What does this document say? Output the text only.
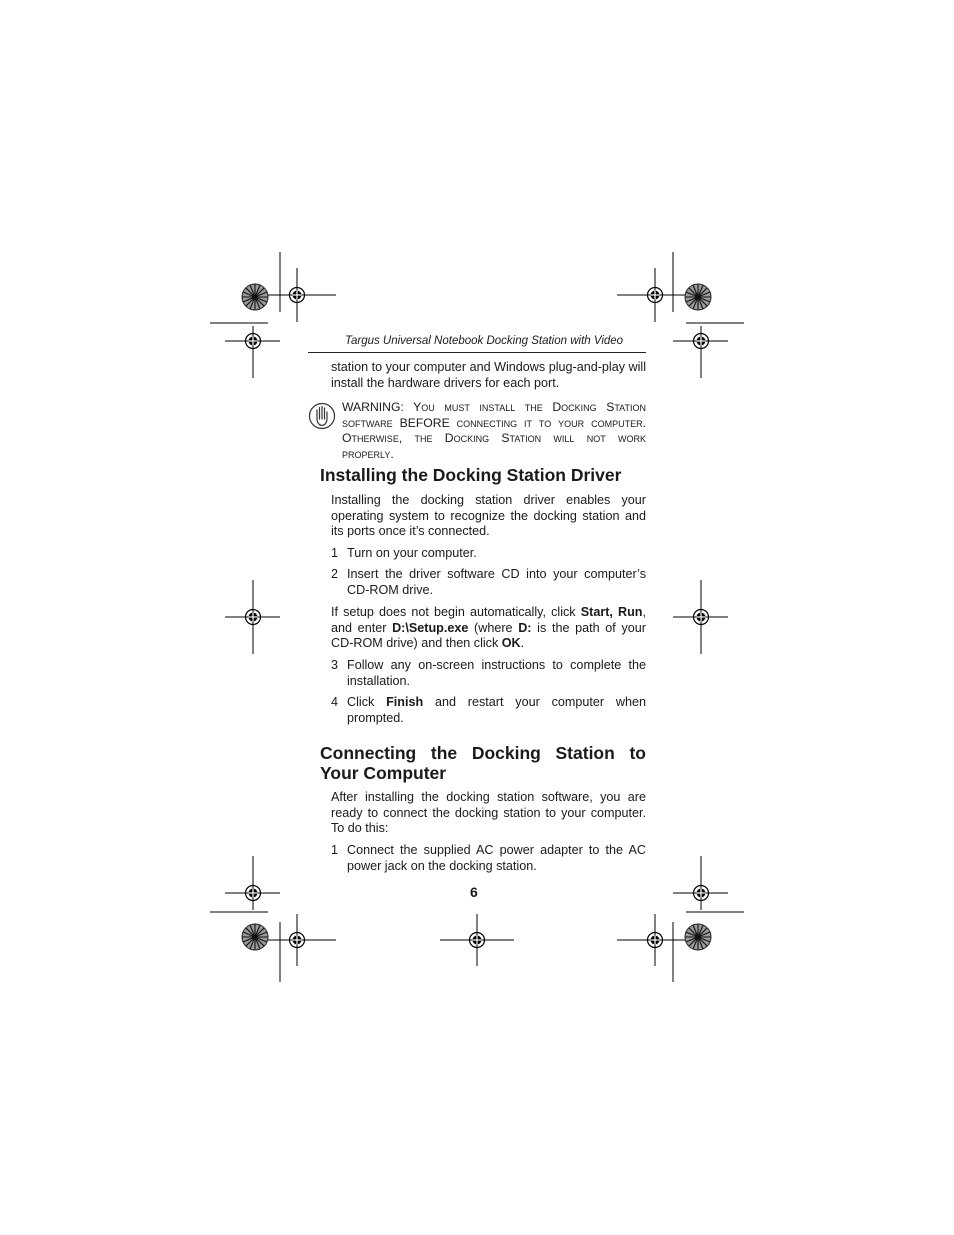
Targus Universal Notebook Docking Station with Video
station to your computer and Windows plug-and-play will install the hardware drivers for each port.
WARNING: You must install the Docking Station software BEFORE connecting it to your computer. Otherwise, the Docking Station will not work properly.
Installing the Docking Station Driver
Installing the docking station driver enables your operating system to recognize the docking station and its ports once it’s connected.
1 Turn on your computer.
2 Insert the driver software CD into your computer’s CD-ROM drive.
If setup does not begin automatically, click Start, Run, and enter D:\Setup.exe (where D: is the path of your CD-ROM drive) and then click OK.
3 Follow any on-screen instructions to complete the installation.
4 Click Finish and restart your computer when prompted.
Connecting the Docking Station to Your Computer
After installing the docking station software, you are ready to connect the docking station to your computer. To do this:
1 Connect the supplied AC power adapter to the AC power jack on the docking station.
6
